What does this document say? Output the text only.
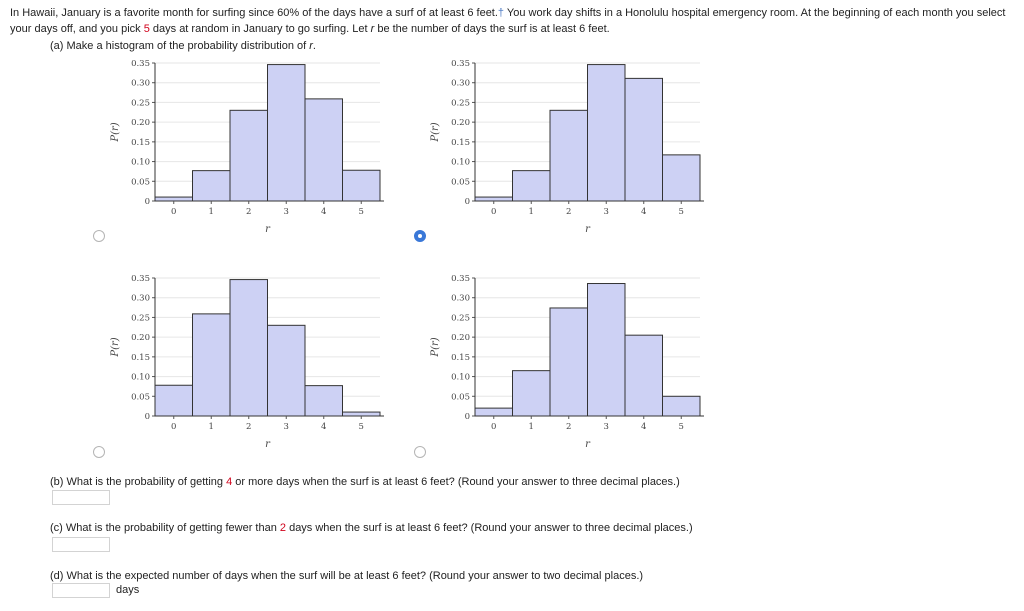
In Hawaii, January is a favorite month for surfing since 60% of the days have a surf of at least 6 feet.† You work day shifts in a Honolulu hospital emergency room. At the beginning of each month you select your days off, and you pick 5 days at random in January to go surfing. Let r be the number of days the surf is at least 6 feet.
(a) Make a histogram of the probability distribution of r.
0
0.05
0.10
0.15
0.20
0.25
0.30
0.35
0	1	2	3	4	5
P(r)
r
0
0.05
0.10
0.15
0.20
0.25
0.30
0.35
0	1	2	3	4	5
P(r)
r
0
0.05
0.10
0.15
0.20
0.25
0.30
0.35
0	1	2	3	4	5
P(r)
r
0
0.05
0.10
0.15
0.20
0.25
0.30
0.35
0	1	2	3	4	5
P(r)
r
(b) What is the probability of getting 4 or more days when the surf is at least 6 feet? (Round your answer to three decimal places.)
(c) What is the probability of getting fewer than 2 days when the surf is at least 6 feet? (Round your answer to three decimal places.)
(d) What is the expected number of days when the surf will be at least 6 feet? (Round your answer to two decimal places.)
days
